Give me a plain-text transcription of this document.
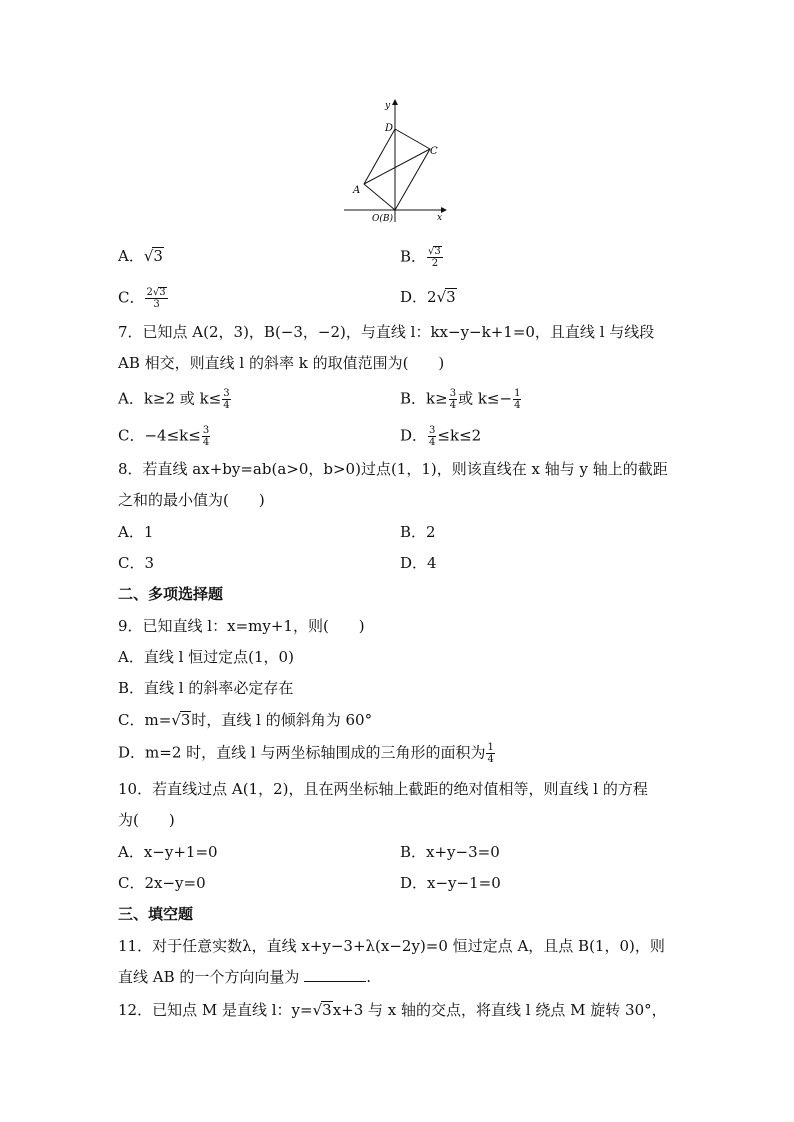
y
x
D
C
A
O(B)
A．√3	B． $\frac{√3}{2}$
C． $\frac{2√3}{3}$	D．2√3
7．已知点 A(2，3)，B(−3，−2)，与直线 l：kx−y−k+1=0，且直线 l 与线段
AB 相交，则直线 l 的斜率 k 的取值范围为(　　)
A．k≥2 或 $k\le \frac{3}{4}$	B．$k\ge \frac{3}{4}$ 或 $k\le- \frac{1}{4}$
C．$-4\le k\le \frac{3}{4}$	D． $\frac{3}{4} \le k\le 2$
8．若直线 ax+by=ab(a>0，b>0)过点(1，1)，则该直线在 x 轴与 y 轴上的截距
之和的最小值为(　　)
A．1	B．2
C．3	D．4
二、多项选择题
9．已知直线 l：x=my+1，则(　　)
A．直线 l 恒过定点(1，0)
B．直线 l 的斜率必定存在
C．m=√3时，直线 l 的倾斜角为 60°
D．m=2 时，直线 l 与两坐标轴围成的三角形的面积为 $\frac{1}{4}$
10．若直线过点 A(1，2)，且在两坐标轴上截距的绝对值相等，则直线 l 的方程
为(　　)
A．x−y+1=0	B．x+y−3=0
C．2x−y=0	D．x−y−1=0
三、填空题
11．对于任意实数λ，直线 x+y−3+λ(x−2y)=0 恒过定点 A，且点 B(1，0)，则
直线 AB 的一个方向向量为	.
12．已知点 M 是直线 l：y=√3x+3 与 x 轴的交点，将直线 l 绕点 M 旋转 30°，
